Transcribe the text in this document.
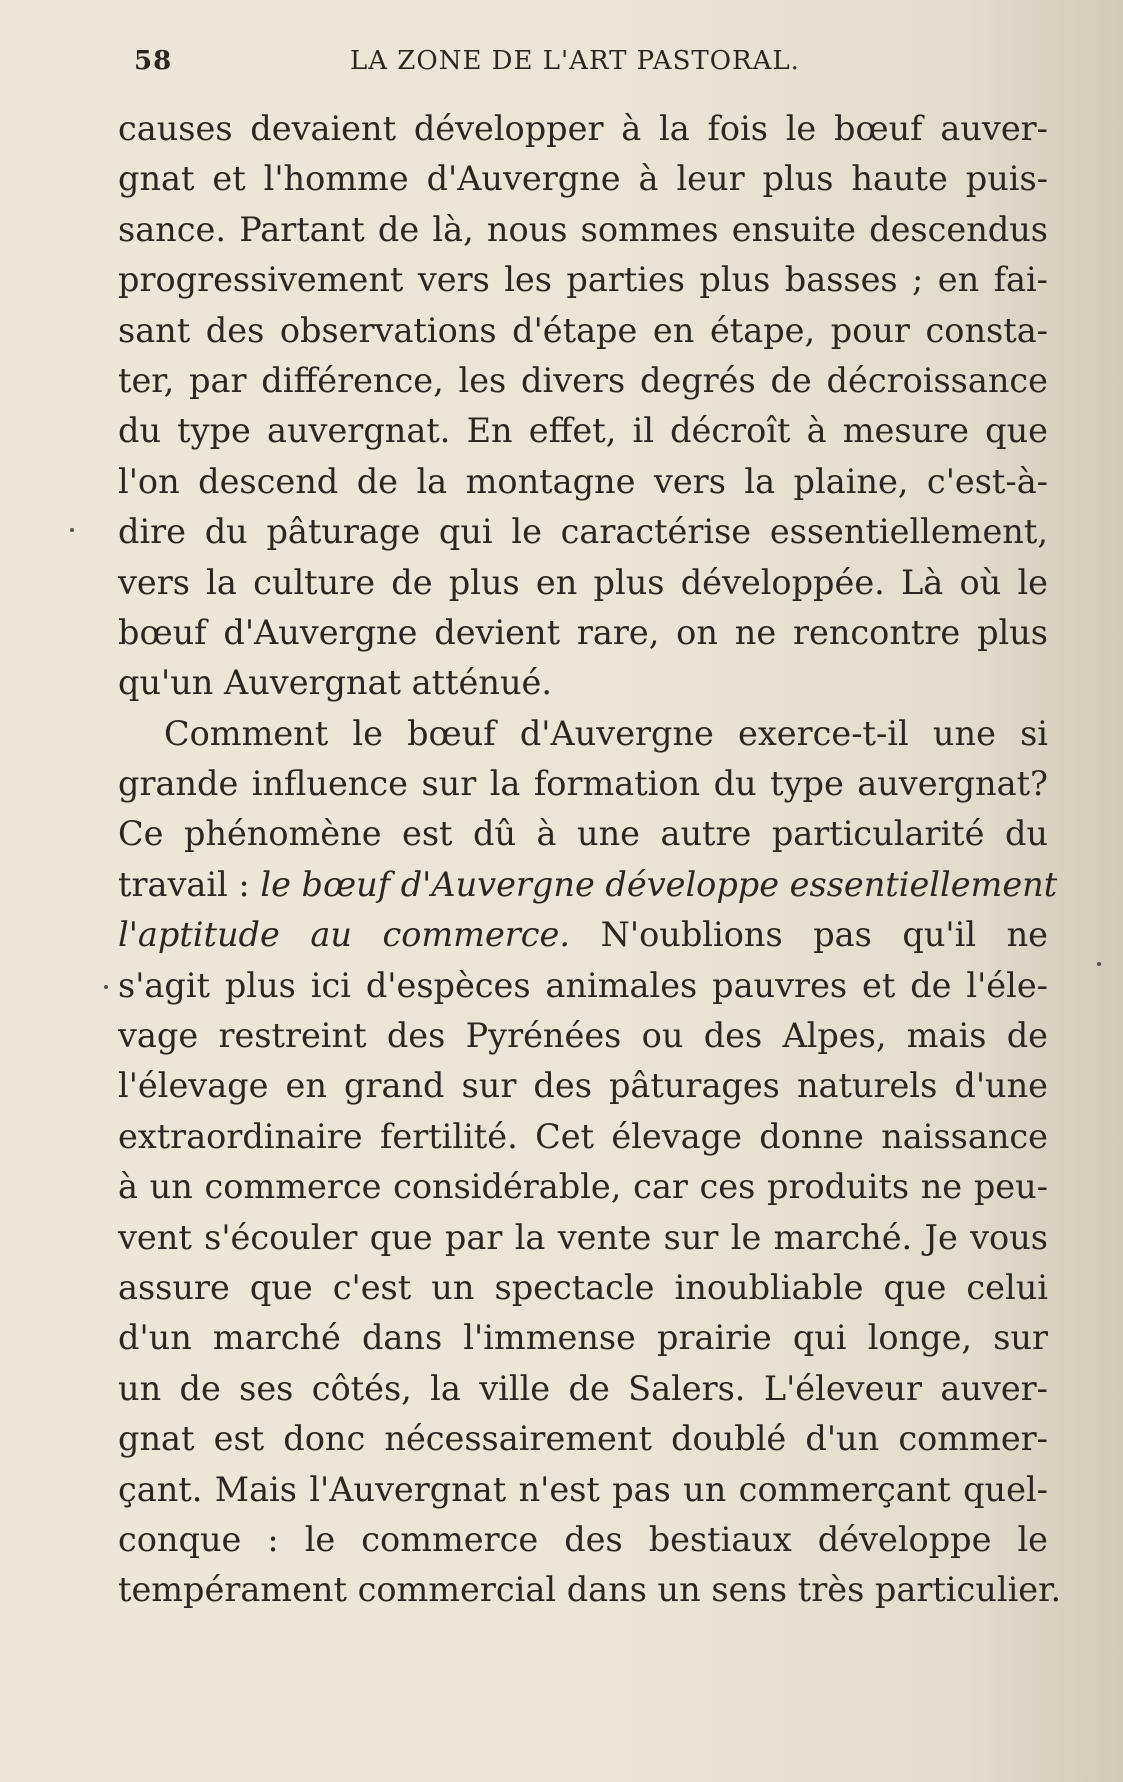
58	LA ZONE DE L'ART PASTORAL.
causes devaient développer à la fois le bœuf auver-
gnat et l'homme d'Auvergne à leur plus haute puis-
sance. Partant de là, nous sommes ensuite descendus
progressivement vers les parties plus basses ; en fai-
sant des observations d'étape en étape, pour consta-
ter, par différence, les divers degrés de décroissance
du type auvergnat. En effet, il décroît à mesure que
l'on descend de la montagne vers la plaine, c'est-à-
dire du pâturage qui le caractérise essentiellement,
vers la culture de plus en plus développée. Là où le
bœuf d'Auvergne devient rare, on ne rencontre plus
qu'un Auvergnat atténué.
Comment le bœuf d'Auvergne exerce-t-il une si
grande influence sur la formation du type auvergnat?
Ce phénomène est dû à une autre particularité du
travail : le bœuf d'Auvergne développe essentiellement
l'aptitude au commerce. N'oublions pas qu'il ne
s'agit plus ici d'espèces animales pauvres et de l'éle-
vage restreint des Pyrénées ou des Alpes, mais de
l'élevage en grand sur des pâturages naturels d'une
extraordinaire fertilité. Cet élevage donne naissance
à un commerce considérable, car ces produits ne peu-
vent s'écouler que par la vente sur le marché. Je vous
assure que c'est un spectacle inoubliable que celui
d'un marché dans l'immense prairie qui longe, sur
un de ses côtés, la ville de Salers. L'éleveur auver-
gnat est donc nécessairement doublé d'un commer-
çant. Mais l'Auvergnat n'est pas un commerçant quel-
conque : le commerce des bestiaux développe le
tempérament commercial dans un sens très particulier.
